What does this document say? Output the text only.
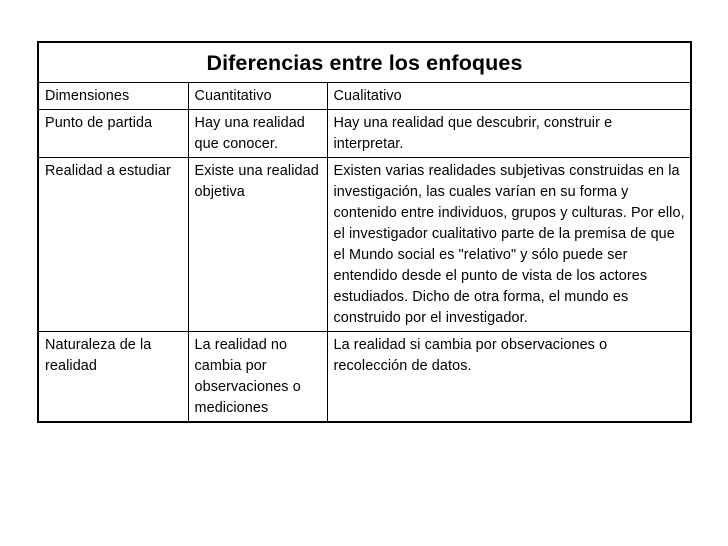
Diferencias entre los enfoques		
Dimensiones	Cuantitativo	Cualitativo
Punto de partida	Hay una realidad que conocer.	Hay una realidad que descubrir, construir e interpretar.
Realidad a estudiar	Existe una realidad objetiva	Existen varias realidades subjetivas construidas en la investigación, las cuales varían en su forma y contenido entre individuos, grupos y culturas. Por ello, el investigador cualitativo parte de la premisa de que el Mundo social es "relativo" y sólo puede ser entendido desde el punto de vista de los actores estudiados. Dicho de otra forma, el mundo es construido por el investigador.
Naturaleza de la realidad	La realidad no cambia por observaciones o mediciones	La realidad si cambia por observaciones o recolección de datos.
